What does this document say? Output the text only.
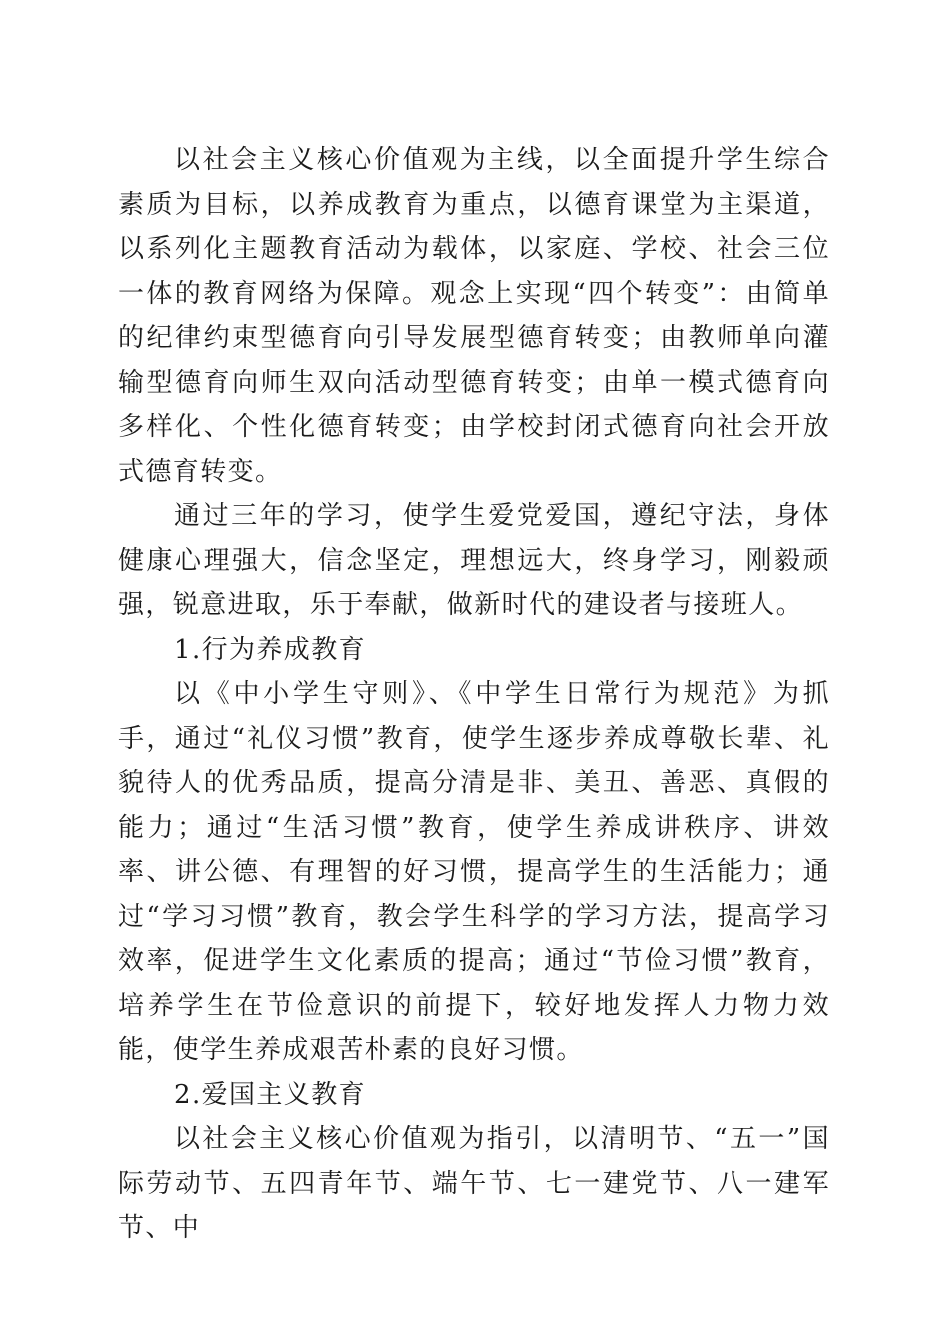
以社会主义核心价值观为主线，以全面提升学生综合素质为目标，以养成教育为重点，以德育课堂为主渠道，以系列化主题教育活动为载体，以家庭、学校、社会三位一体的教育网络为保障。观念上实现“四个转变”：由简单的纪律约束型德育向引导发展型德育转变；由教师单向灌输型德育向师生双向活动型德育转变；由单一模式德育向多样化、个性化德育转变；由学校封闭式德育向社会开放式德育转变。

通过三年的学习，使学生爱党爱国，遵纪守法，身体健康心理强大，信念坚定，理想远大，终身学习，刚毅顽强，锐意进取，乐于奉献，做新时代的建设者与接班人。

1.行为养成教育

以《中小学生守则》、《中学生日常行为规范》为抓手，通过“礼仪习惯”教育，使学生逐步养成尊敬长辈、礼貌待人的优秀品质，提高分清是非、美丑、善恶、真假的能力；通过“生活习惯”教育，使学生养成讲秩序、讲效率、讲公德、有理智的好习惯，提高学生的生活能力；通过“学习习惯”教育，教会学生科学的学习方法，提高学习效率，促进学生文化素质的提高；通过“节俭习惯”教育，培养学生在节俭意识的前提下，较好地发挥人力物力效能，使学生养成艰苦朴素的良好习惯。

2.爱国主义教育

以社会主义核心价值观为指引，以清明节、“五一”国际劳动节、五四青年节、端午节、七一建党节、八一建军节、中
